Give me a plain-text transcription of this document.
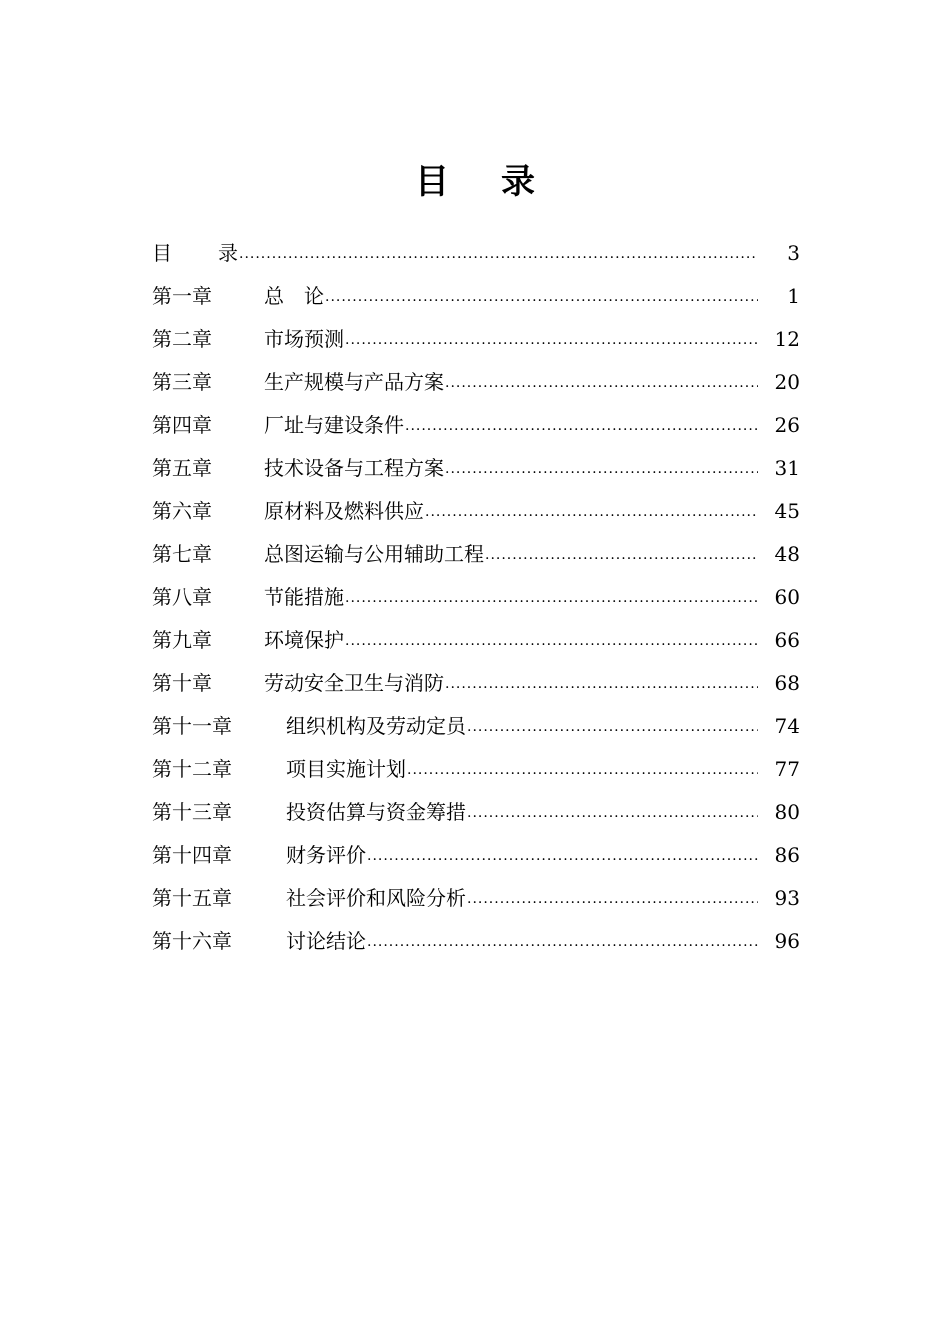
目 录
目	录 .....	3
第一章	总　论 .....	1
第二章	市场预测 .....	12
第三章	生产规模与产品方案 .....	20
第四章	厂址与建设条件 .....	26
第五章	技术设备与工程方案 .....	31
第六章	原材料及燃料供应 .....	45
第七章	总图运输与公用辅助工程 .....	48
第八章	节能措施 .....	60
第九章	环境保护 .....	66
第十章	劳动安全卫生与消防 .....	68
第十一章	组织机构及劳动定员 .....	74
第十二章	项目实施计划 .....	77
第十三章	投资估算与资金筹措 .....	80
第十四章	财务评价 .....	86
第十五章	社会评价和风险分析 .....	93
第十六章	讨论结论 .....	96
